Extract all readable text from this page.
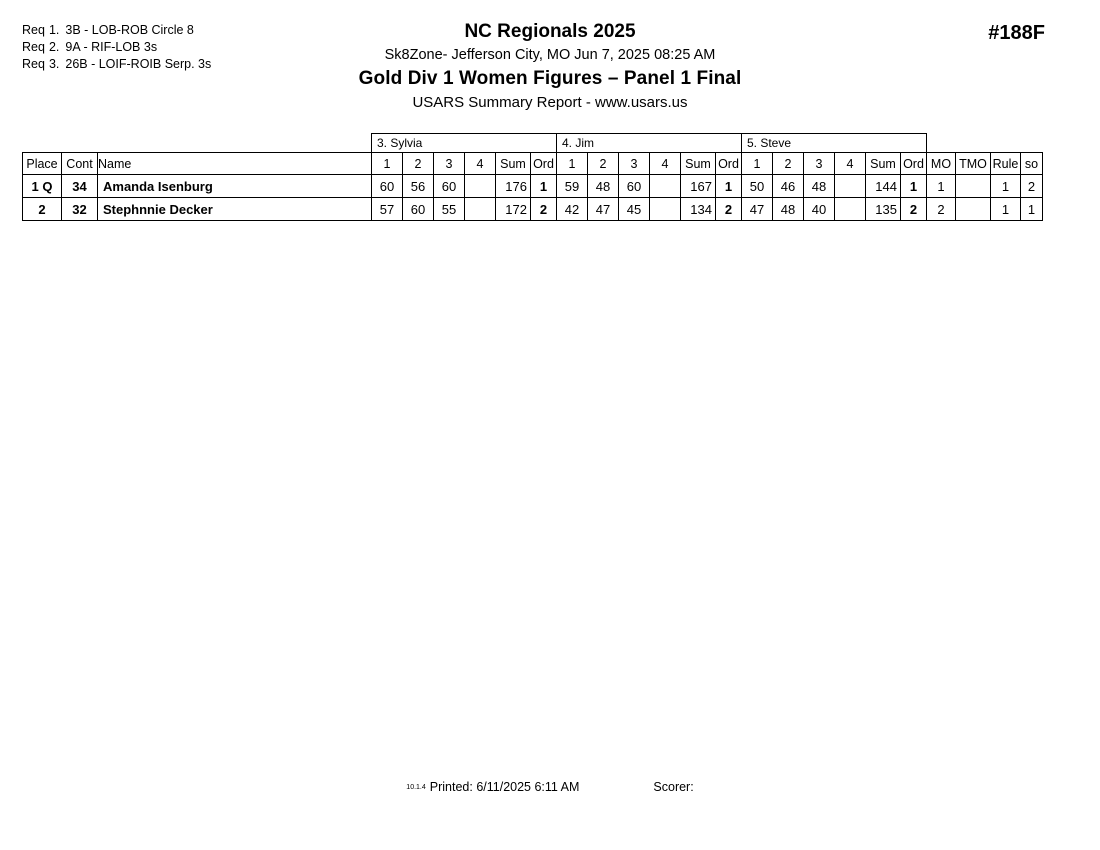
Req 1. 3B - LOB-ROB Circle 8
Req 2. 9A - RIF-LOB 3s
Req 3. 26B - LOIF-ROIB Serp. 3s
NC Regionals 2025
Sk8Zone- Jefferson City, MO Jun 7, 2025 08:25 AM
Gold Div 1 Women Figures – Panel 1 Final
USARS Summary Report - www.usars.us
#188F
			3. Sylvia						4. Jim						5. Steve									
Place	Cont	Name	1	2	3	4	Sum	Ord	1	2	3	4	Sum	Ord	1	2	3	4	Sum	Ord	MO	TMO	Rule	so
1 Q	34	Amanda Isenburg	60	56	60		176	1	59	48	60		167	1	50	46	48		144	1	1		1	2
2	32	Stephnnie Decker	57	60	55		172	2	42	47	45		134	2	47	48	40		135	2	2		1	1
10.1.4 Printed: 6/11/2025 6:11 AM	Scorer:
